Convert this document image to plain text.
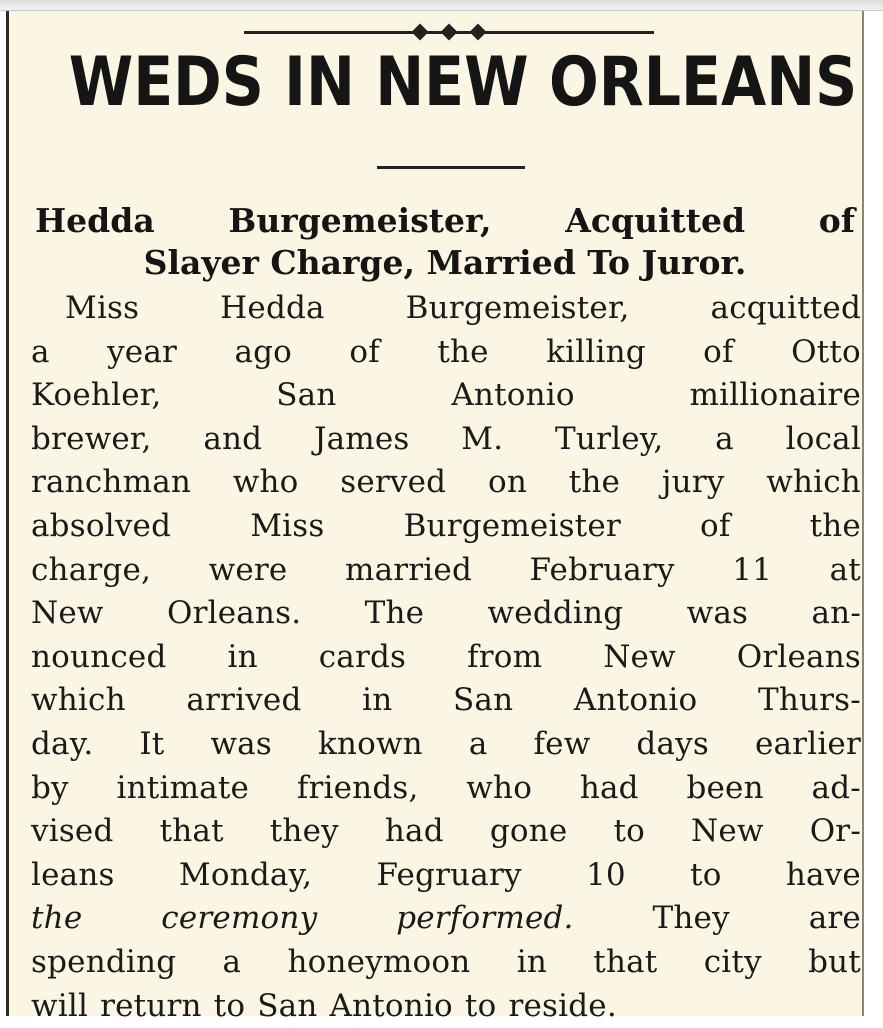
WEDS IN NEW ORLEANS
Hedda Burgemeister, Acquitted of
Slayer Charge, Married To Juror.
Miss	Hedda	Burgemeister,	acquitted
a year ago of the killing of Otto
Koehler,	San	Antonio	millionaire
brewer, and James M. Turley, a local
ranchman who served on the jury which
absolved	Miss	Burgemeister	of	the
charge, were married February 11 at
New Orleans. The wedding was an-
nounced in cards from New Orleans
which arrived in San Antonio Thurs-
day. It was known a few days earlier
by intimate friends, who had been ad-
vised that they had gone to New Or-
leans Monday, Fegruary 10 to have
the	ceremony	performed.	They	are
spending a honeymoon in that city but
will return to San Antonio to reside.
